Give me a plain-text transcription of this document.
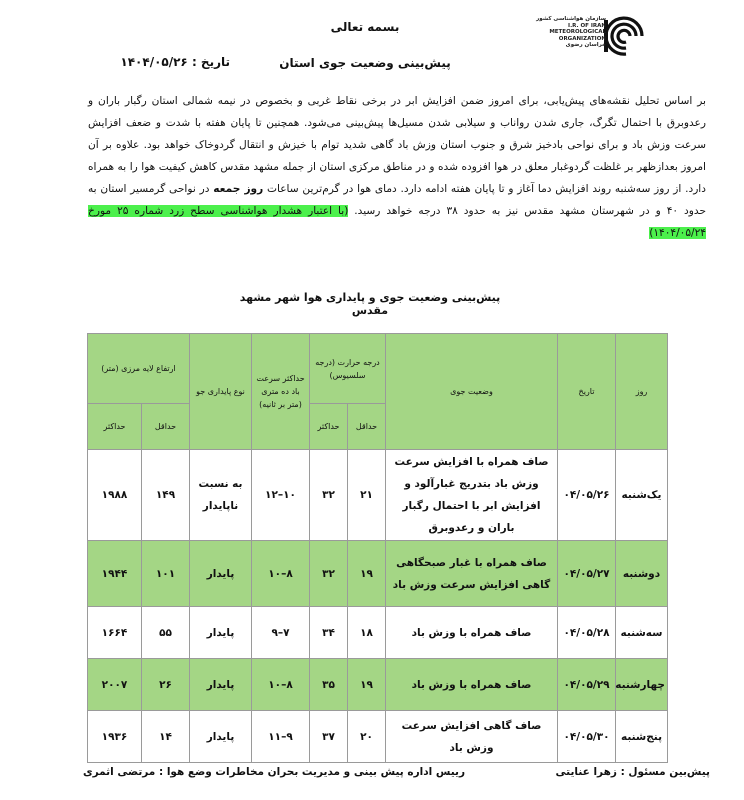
سازمان هواشناسی کشور
I.R. OF IRAN
METEOROLOGICAL
ORGANIZATION
خراسان رضوی
بسمه تعالی
پیش‌بینی وضعیت جوی استان
تاریخ : ۱۴۰۴/۰۵/۲۶
بر اساس تحلیل نقشه‌های پیش‌یابی، برای امروز ضمن افزایش ابر در برخی نقاط غربی و بخصوص در نیمه شمالی استان رگبار باران و رعدوبرق با احتمال تگرگ، جاری شدن رواناب و سیلابی شدن مسیل‌ها پیش‌بینی می‌شود. همچنین تا پایان هفته با شدت و ضعف افزایش سرعت وزش باد و برای نواحی بادخیز شرق و جنوب استان وزش باد گاهی شدید توام با خیزش و انتقال گردوخاک خواهد بود. علاوه بر آن امروز بعدازظهر بر غلظت گردوغبار معلق در هوا افزوده شده و در مناطق مرکزی استان از جمله مشهد مقدس کاهش کیفیت هوا را به همراه دارد. از روز سه‌شنبه روند افزایش دما آغاز و تا پایان هفته ادامه دارد. دمای هوا در گرم‌ترین ساعات روز جمعه در نواحی گرمسیر استان به حدود ۴۰ و در شهرستان مشهد مقدس نیز به حدود ۳۸ درجه خواهد رسید. (با اعتبار هشدار هواشناسی سطح زرد شماره ۲۵ مورخ ۱۴۰۴/۰۵/۲۴)
پیش‌بینی وضعیت جوی و پایداری هوا شهر مشهد مقدس
روز	تاریخ	وضعیت جوی	درجه حرارت (درجه سلسیوس)		حداکثر سرعت باد ده متری (متر بر ثانیه)	نوع پایداری جو	ارتفاع لایه مرزی (متر)	
			حداقل	حداکثر			حداقل	حداکثر
یک‌شنبه	۰۴/۰۵/۲۶	صاف همراه با افزایش سرعت وزش باد بتدریج غبارآلود و افزایش ابر با احتمال رگبار باران و رعدوبرق	۲۱	۳۲	۱۰–۱۲	به نسبت ناپایدار	۱۴۹	۱۹۸۸
دوشنبه	۰۴/۰۵/۲۷	صاف همراه با غبار صبحگاهی گاهی افزایش سرعت وزش باد	۱۹	۳۲	۸–۱۰	پایدار	۱۰۱	۱۹۴۴
سه‌شنبه	۰۴/۰۵/۲۸	صاف همراه با وزش باد	۱۸	۳۴	۷–۹	پایدار	۵۵	۱۶۶۴
چهارشنبه	۰۴/۰۵/۲۹	صاف همراه با وزش باد	۱۹	۳۵	۸–۱۰	پایدار	۲۶	۲۰۰۷
پنج‌شنبه	۰۴/۰۵/۳۰	صاف گاهی افزایش سرعت وزش باد	۲۰	۳۷	۹–۱۱	پایدار	۱۴	۱۹۳۶
پیش‌بین مسئول : زهرا عنایتی
رییس اداره پیش بینی و مدیریت بحران مخاطرات وضع هوا : مرتضی اثمری
